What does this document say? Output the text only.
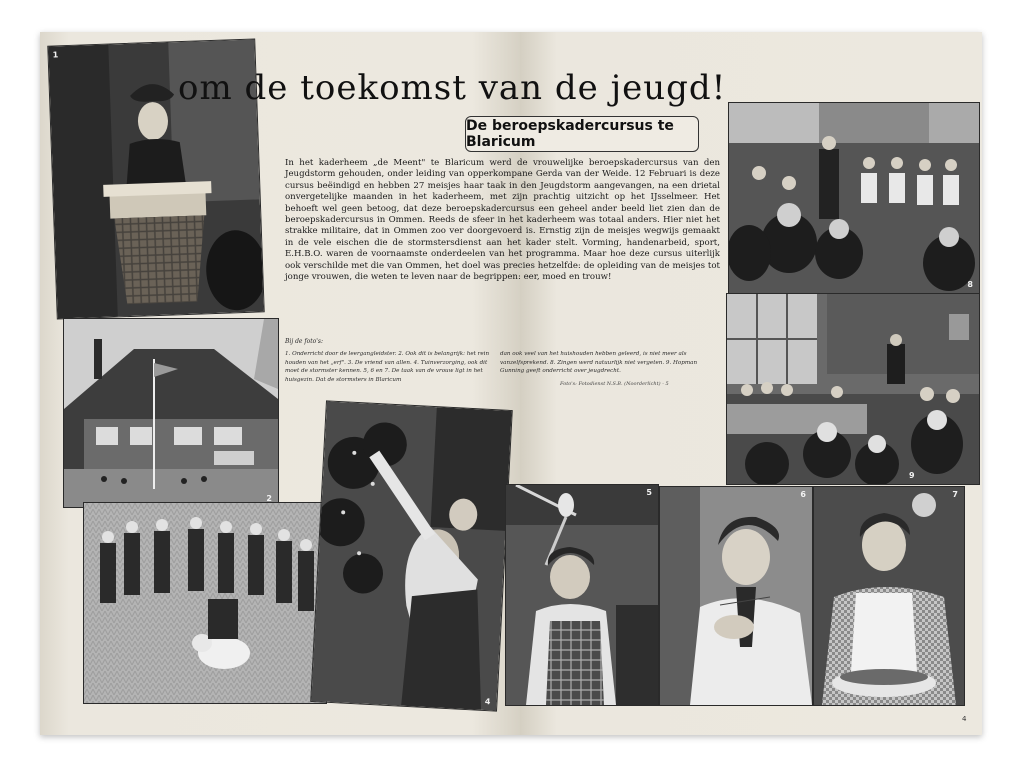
1
om de toekomst van de jeugd!
De beroepskadercursus te Blaricum
In het kaderheem „de Meent" te Blaricum werd de vrouwelijke beroepskadercursus van den Jeugdstorm gehouden, onder leiding van opperkompane Gerda van der Weide. 12 Februari is deze cursus beëindigd en hebben 27 meisjes haar taak in den Jeugdstorm aangevangen, na een drietal onvergetelijke maanden in het kaderheem, met zijn prachtig uitzicht op het IJsselmeer. Het behoeft wel geen betoog, dat deze beroepskadercursus een geheel ander beeld liet zien dan de beroepskadercursus in Ommen. Reeds de sfeer in het kaderheem was totaal anders. Hier niet het strakke militaire, dat in Ommen zoo ver doorgevoerd is. Ernstig zijn de meisjes wegwijs gemaakt in de vele eischen die de stormstersdienst aan het kader stelt. Vorming, handenarbeid, sport, E.H.B.O. waren de voornaamste onderdeelen van het programma. Maar hoe deze cursus uiterlijk ook verschilde met die van Ommen, het doel was precies hetzelfde: de opleiding van de meisjes tot jonge vrouwen, die weten te leven naar de begrippen: eer, moed en trouw!
Bij de foto's:
1. Onderricht door de leergangleidster. 2. Ook dit is belangrijk: het rein houden van het „erf". 3. De vriend van allen. 4. Tuinverzorging, ook dit moet de stormster kennen. 5, 6 en 7. De taak van de vrouw ligt in het huisgezin. Dat de stormsters in Blaricum
dan ook veel van het huishouden hebben geleerd, is niet meer als vanzelfsprekend. 8. Zingen werd natuurlijk niet vergeten. 9. Hopman Gunning geeft onderricht over jeugdrecht.
Foto's: Fotodienst N.S.B. (Noorderlicht) - 5
2
4
8
9
5	6	7
4
